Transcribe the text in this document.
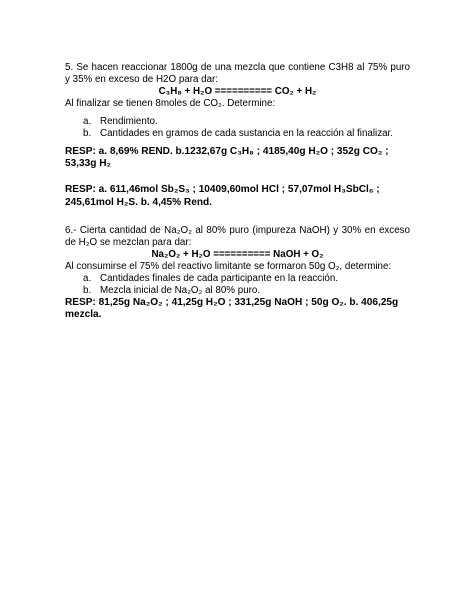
5. Se hacen reaccionar 1800g de una mezcla que contiene C3H8 al 75% puro y 35% en exceso de H2O para dar:

C₃H₈ + H₂O ========== CO₂ + H₂

Al finalizar se tienen 8moles de CO₂. Determine:

a. Rendimiento.
b. Cantidades en gramos de cada sustancia en la reacción al finalizar.

RESP: a. 8,69% REND. b.1232,67g C₃H₈ ; 4185,40g H₂O ; 352g CO₂ ; 53,33g H₂

RESP: a. 611,46mol Sb₂S₃ ; 10409,60mol HCl ; 57,07mol H₃SbCl₆ ; 245,61mol H₂S. b. 4,45% Rend.

6.- Cierta cantidad de Na₂O₂ al 80% puro (impureza NaOH) y 30% en exceso de H₂O se mezclan para dar:

Na₂O₂ + H₂O ========== NaOH + O₂

Al consumirse el 75% del reactivo limitante se formaron 50g O₂, determine:

a. Cantidades finales de cada participante en la reacción.
b. Mezcla inicial de Na₂O₂ al 80% puro.

RESP: 81,25g Na₂O₂ ; 41,25g H₂O ; 331,25g NaOH ; 50g O₂. b. 406,25g mezcla.
